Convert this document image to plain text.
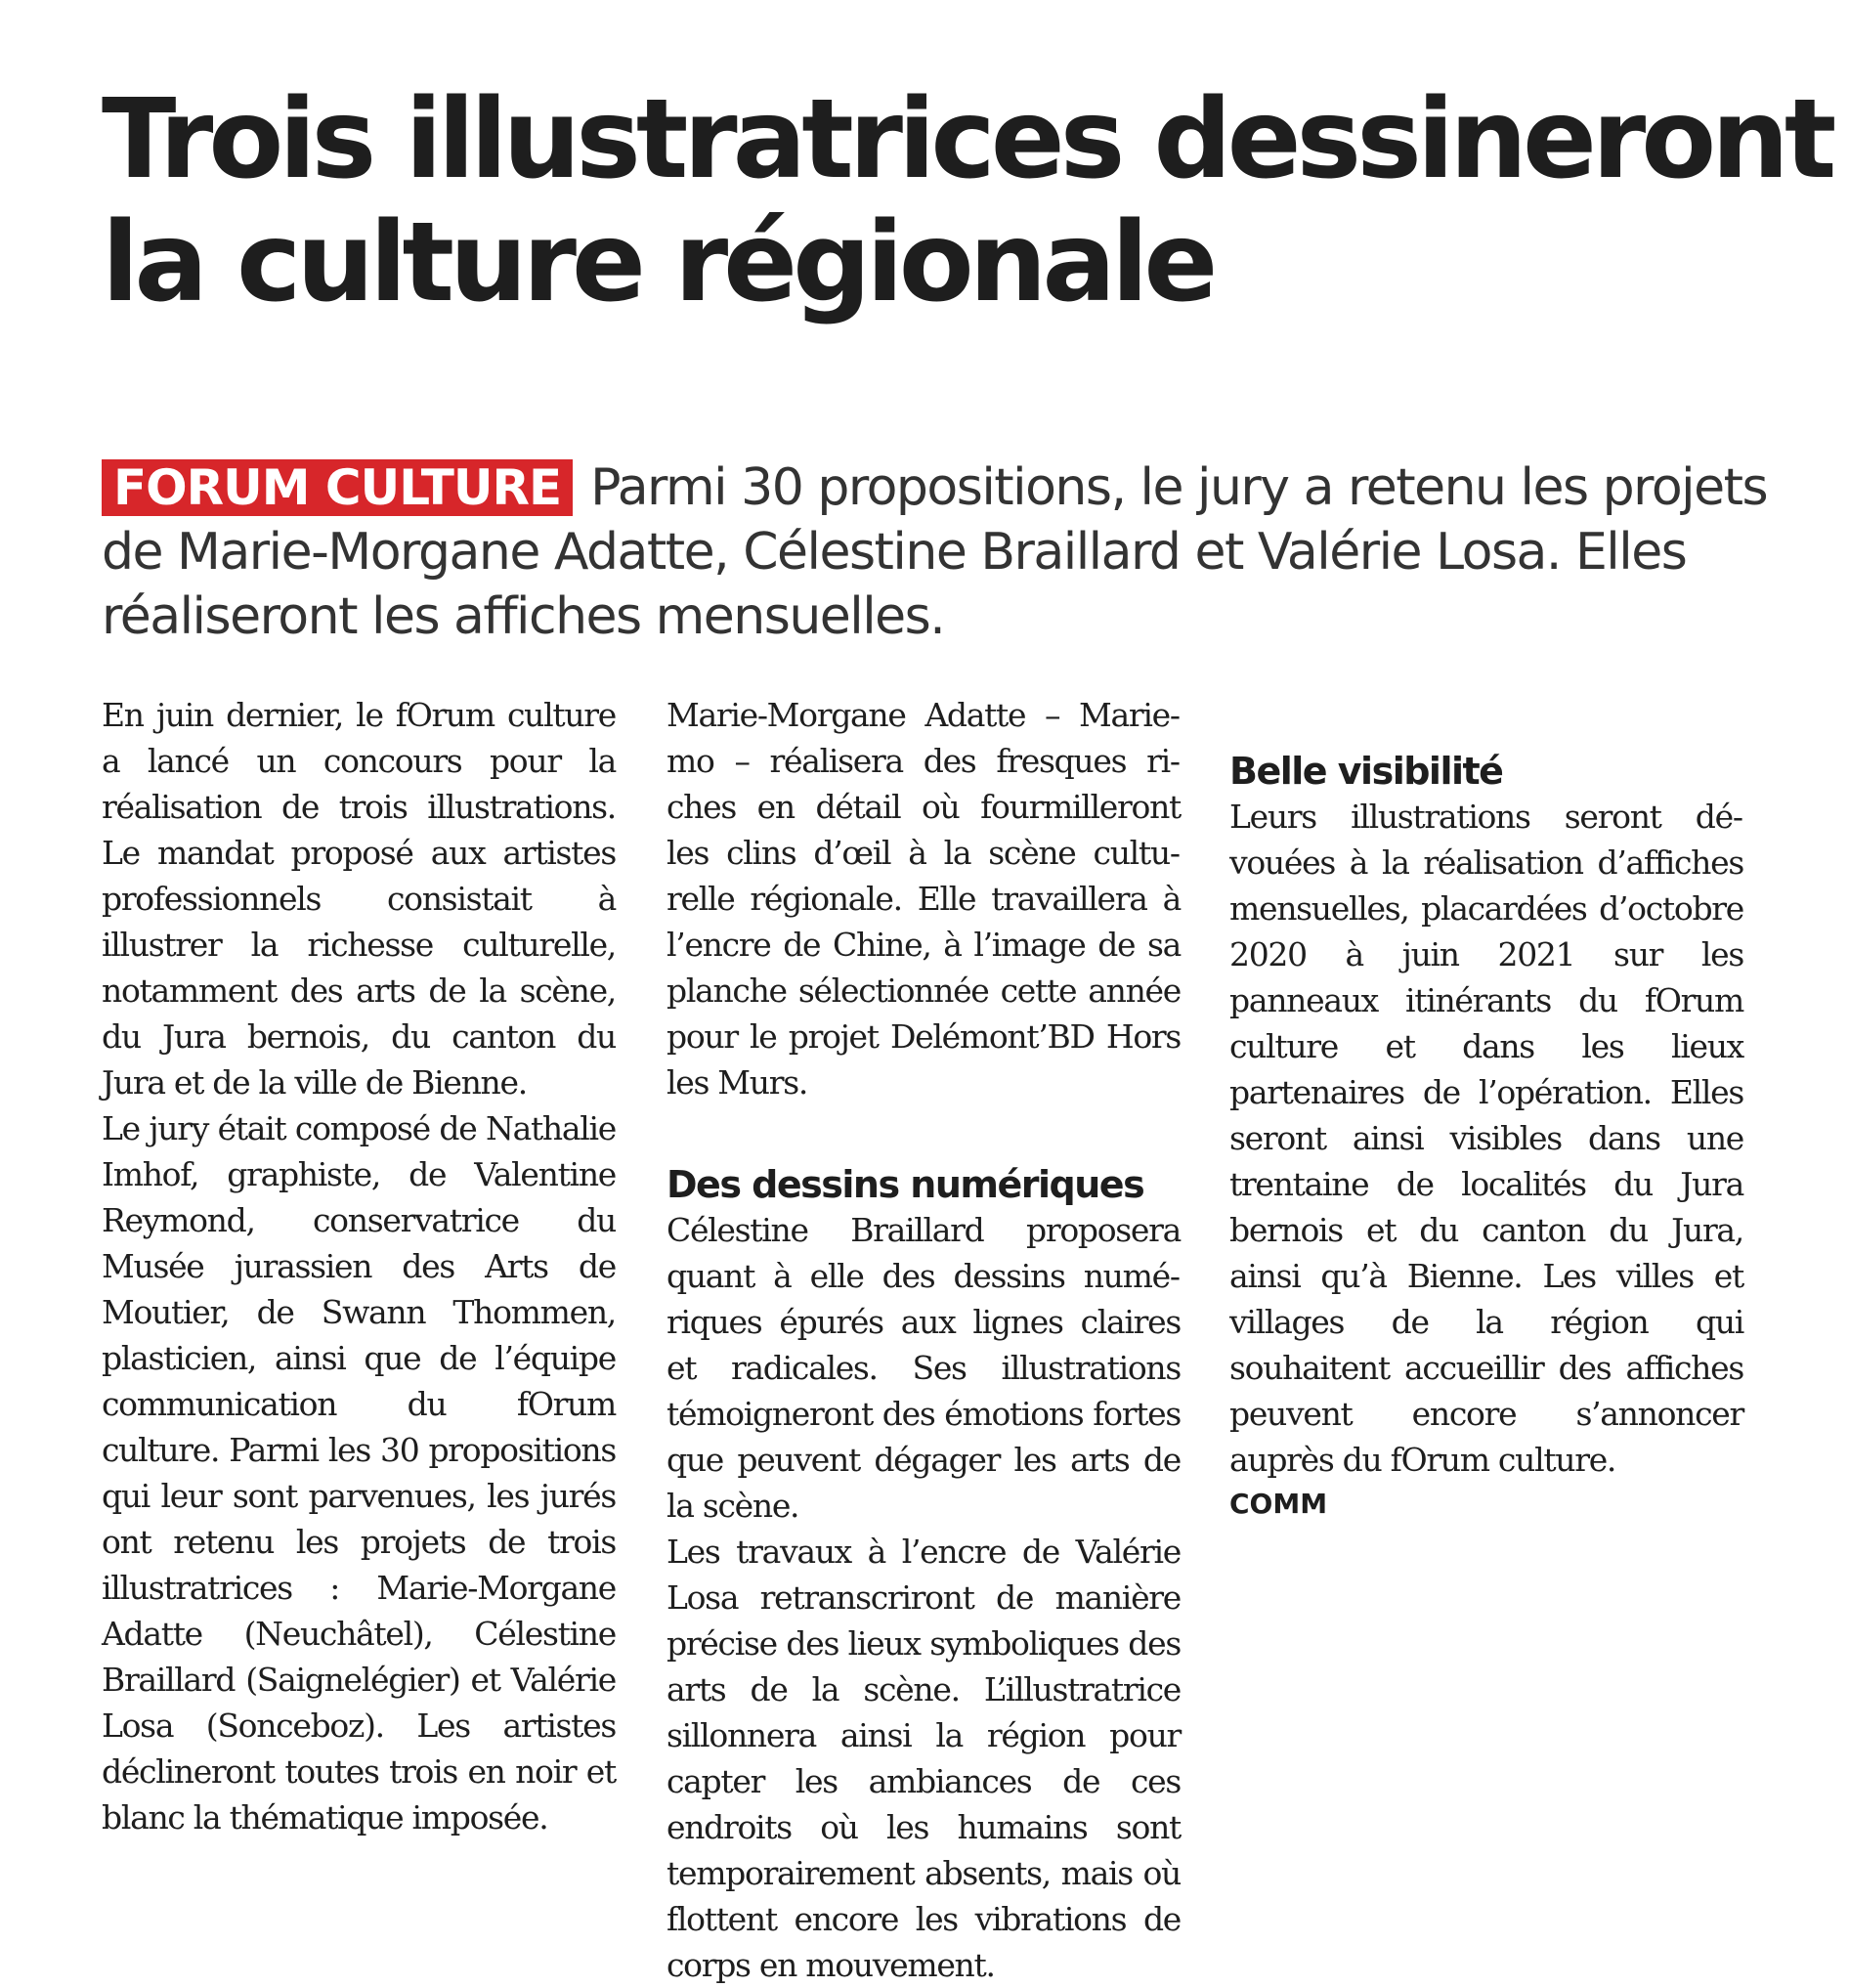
Trois illustratrices dessineront
la culture régionale

FORUM CULTURE Parmi 30 propositions, le jury a retenu les projets de Marie-Morgane Adatte, Célestine Braillard et Valérie Losa. Elles réaliseront les affiches mensuelles.

En juin dernier, le fOrum culture a lancé un concours pour la réalisation de trois illustrations. Le mandat proposé aux artistes professionnels consistait à illustrer la richesse culturelle, notamment des arts de la scène, du Jura bernois, du canton du Jura et de la ville de Bienne.

Le jury était composé de Nathalie Imhof, graphiste, de Valentine Reymond, conservatrice du Musée jurassien des Arts de Moutier, de Swann Thommen, plasticien, ainsi que de l’équipe communication du fOrum culture. Parmi les 30 propositions qui leur sont parvenues, les jurés ont retenu les projets de trois illustratrices : Marie-Morgane Adatte (Neuchâtel), Célestine Braillard (Saignelégier) et Valérie Losa (Sonceboz). Les artistes déclineront toutes trois en noir et blanc la thématique imposée.

Marie-Morgane Adatte – Mariemo – réalisera des fresques riches en détail où fourmilleront les clins d’œil à la scène culturelle régionale. Elle travaillera à l’encre de Chine, à l’image de sa planche sélectionnée cette année pour le projet Delémont’BD Hors les Murs.

Des dessins numériques

Célestine Braillard proposera quant à elle des dessins numériques épurés aux lignes claires et radicales. Ses illustrations témoigneront des émotions fortes que peuvent dégager les arts de la scène.

Les travaux à l’encre de Valérie Losa retranscriront de manière précise des lieux symboliques des arts de la scène. L’illustratrice sillonnera ainsi la région pour capter les ambiances de ces endroits où les humains sont temporairement absents, mais où flottent encore les vibrations de corps en mouvement.

Belle visibilité

Leurs illustrations seront dévouées à la réalisation d’affiches mensuelles, placardées d’octobre 2020 à juin 2021 sur les panneaux itinérants du fOrum culture et dans les lieux partenaires de l’opération. Elles seront ainsi visibles dans une trentaine de localités du Jura bernois et du canton du Jura, ainsi qu’à Bienne. Les villes et villages de la région qui souhaitent accueillir des affiches peuvent encore s’annoncer auprès du fOrum culture.

COMM
